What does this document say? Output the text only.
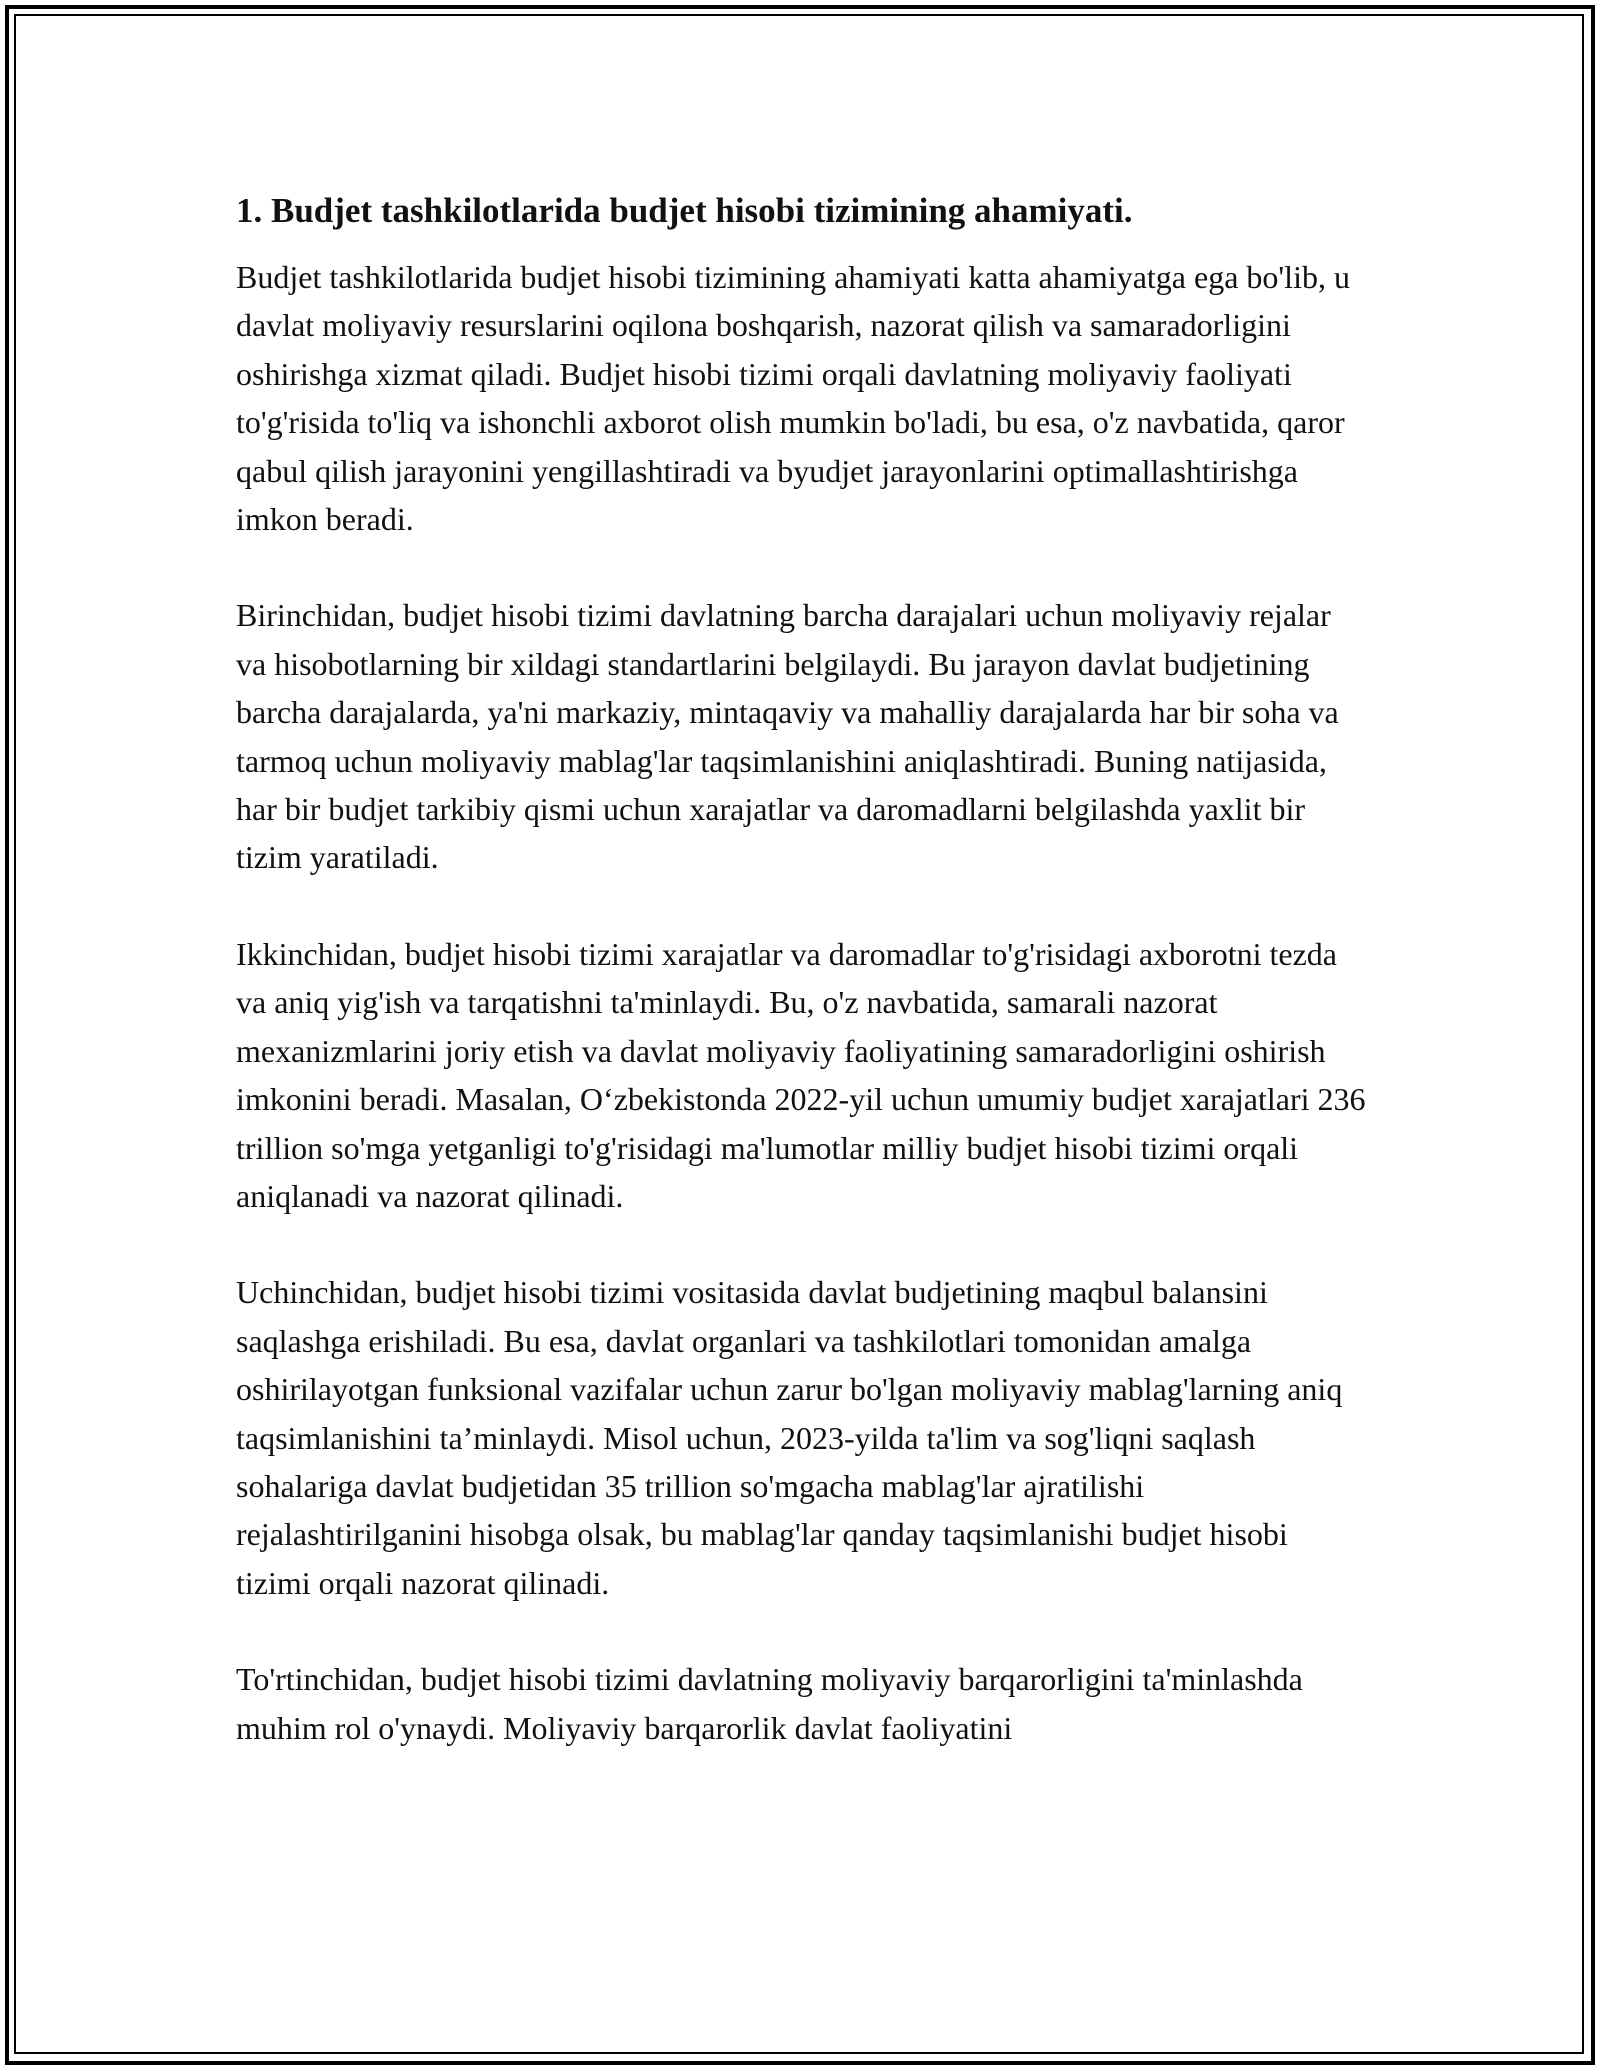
1. Budjet tashkilotlarida budjet hisobi tizimining ahamiyati.

Budjet tashkilotlarida budjet hisobi tizimining ahamiyati katta ahamiyatga ega bo'lib, u davlat moliyaviy resurslarini oqilona boshqarish, nazorat qilish va samaradorligini oshirishga xizmat qiladi. Budjet hisobi tizimi orqali davlatning moliyaviy faoliyati to'g'risida to'liq va ishonchli axborot olish mumkin bo'ladi, bu esa, o'z navbatida, qaror qabul qilish jarayonini yengillashtiradi va byudjet jarayonlarini optimallashtirishga imkon beradi.

Birinchidan, budjet hisobi tizimi davlatning barcha darajalari uchun moliyaviy rejalar va hisobotlarning bir xildagi standartlarini belgilaydi. Bu jarayon davlat budjetining barcha darajalarda, ya'ni markaziy, mintaqaviy va mahalliy darajalarda har bir soha va tarmoq uchun moliyaviy mablag'lar taqsimlanishini aniqlashtiradi. Buning natijasida, har bir budjet tarkibiy qismi uchun xarajatlar va daromadlarni belgilashda yaxlit bir tizim yaratiladi.

Ikkinchidan, budjet hisobi tizimi xarajatlar va daromadlar to'g'risidagi axborotni tezda va aniq yig'ish va tarqatishni ta'minlaydi. Bu, o'z navbatida, samarali nazorat mexanizmlarini joriy etish va davlat moliyaviy faoliyatining samaradorligini oshirish imkonini beradi. Masalan, O‘zbekistonda 2022-yil uchun umumiy budjet xarajatlari 236 trillion so'mga yetganligi to'g'risidagi ma'lumotlar milliy budjet hisobi tizimi orqali aniqlanadi va nazorat qilinadi.

Uchinchidan, budjet hisobi tizimi vositasida davlat budjetining maqbul balansini saqlashga erishiladi. Bu esa, davlat organlari va tashkilotlari tomonidan amalga oshirilayotgan funksional vazifalar uchun zarur bo'lgan moliyaviy mablag'larning aniq taqsimlanishini ta’minlaydi. Misol uchun, 2023-yilda ta'lim va sog'liqni saqlash sohalariga davlat budjetidan 35 trillion so'mgacha mablag'lar ajratilishi rejalashtirilganini hisobga olsak, bu mablag'lar qanday taqsimlanishi budjet hisobi tizimi orqali nazorat qilinadi.

To'rtinchidan, budjet hisobi tizimi davlatning moliyaviy barqarorligini ta'minlashda muhim rol o'ynaydi. Moliyaviy barqarorlik davlat faoliyatini
